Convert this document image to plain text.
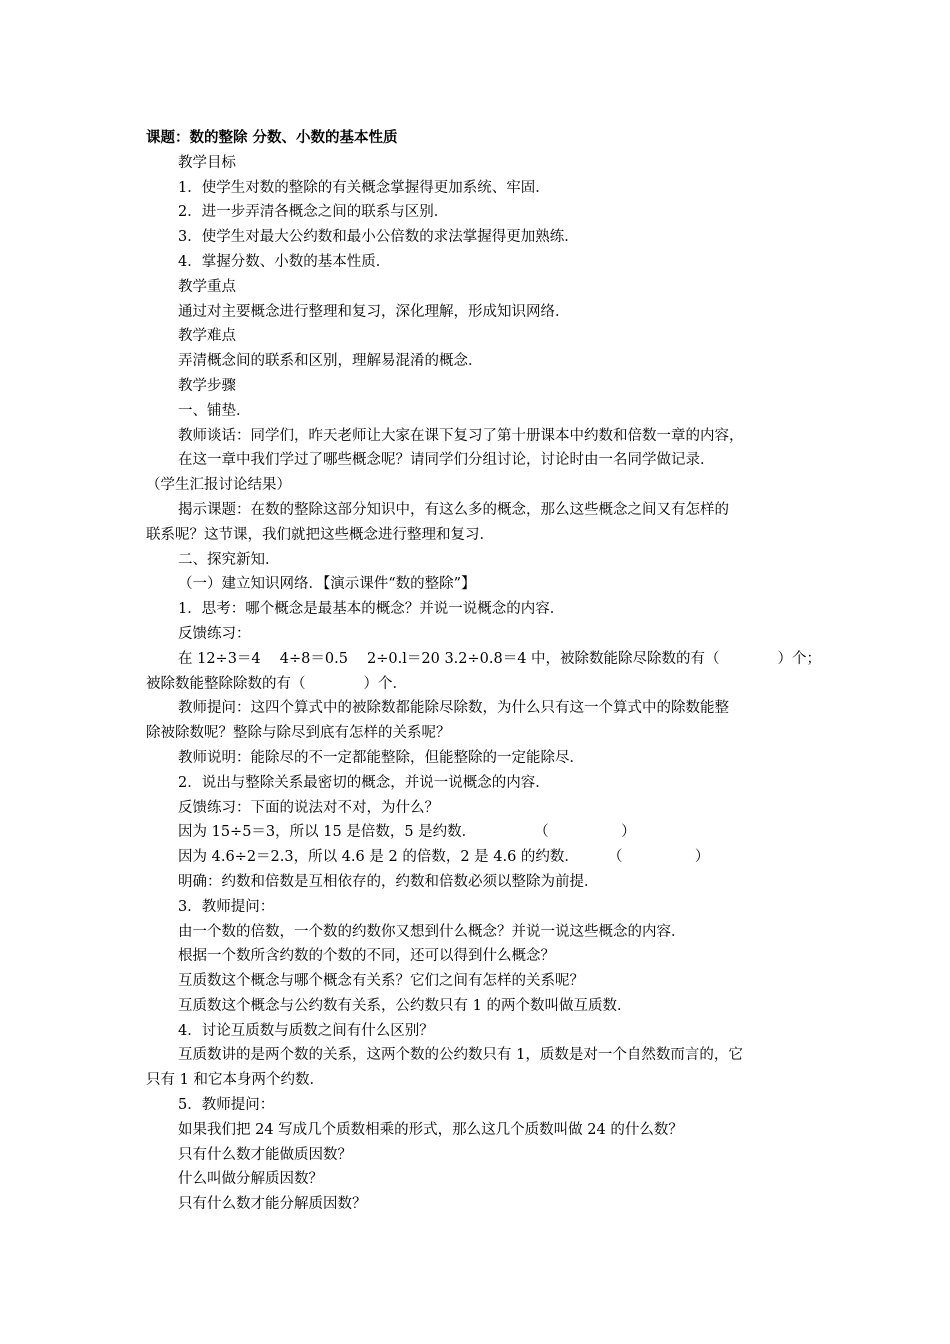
课题：数的整除 分数、小数的基本性质
教学目标
1．使学生对数的整除的有关概念掌握得更加系统、牢固．
2．进一步弄清各概念之间的联系与区别．
3．使学生对最大公约数和最小公倍数的求法掌握得更加熟练．
4．掌握分数、小数的基本性质．
教学重点
通过对主要概念进行整理和复习，深化理解，形成知识网络．
教学难点
弄清概念间的联系和区别，理解易混淆的概念．
教学步骤
一、铺垫．
教师谈话：同学们，昨天老师让大家在课下复习了第十册课本中约数和倍数一章的内容，
在这一章中我们学过了哪些概念呢？请同学们分组讨论，讨论时由一名同学做记录．
（学生汇报讨论结果）
揭示课题：在数的整除这部分知识中，有这么多的概念，那么这些概念之间又有怎样的
联系呢？这节课，我们就把这些概念进行整理和复习．
二、探究新知．
（一）建立知识网络．【演示课件“数的整除”】
1．思考：哪个概念是最基本的概念？并说一说概念的内容．
反馈练习：
在 12÷3＝4　 4÷8＝0.5　 2÷0.l＝20 3.2÷0.8＝4 中，被除数能除尽除数的有（　　　　）个；
被除数能整除除数的有（　　　　）个．
教师提问：这四个算式中的被除数都能除尽除数，为什么只有这一个算式中的除数能整
除被除数呢？整除与除尽到底有怎样的关系呢？
教师说明：能除尽的不一定都能整除，但能整除的一定能除尽．
2．说出与整除关系最密切的概念，并说一说概念的内容．
反馈练习：下面的说法对不对，为什么？
因为 15÷5＝3，所以 15 是倍数，5 是约数．　　　　　（　　　　　）
因为 4.6÷2＝2.3，所以 4.6 是 2 的倍数，2 是 4.6 的约数．　　　（　　　　　）
明确：约数和倍数是互相依存的，约数和倍数必须以整除为前提．
3．教师提问：
由一个数的倍数，一个数的约数你又想到什么概念？并说一说这些概念的内容．
根据一个数所含约数的个数的不同，还可以得到什么概念？
互质数这个概念与哪个概念有关系？它们之间有怎样的关系呢？
互质数这个概念与公约数有关系，公约数只有 1 的两个数叫做互质数．
4．讨论互质数与质数之间有什么区别？
互质数讲的是两个数的关系，这两个数的公约数只有 1，质数是对一个自然数而言的，它
只有 1 和它本身两个约数．
5．教师提问：
如果我们把 24 写成几个质数相乘的形式，那么这几个质数叫做 24 的什么数？
只有什么数才能做质因数？
什么叫做分解质因数？
只有什么数才能分解质因数？
